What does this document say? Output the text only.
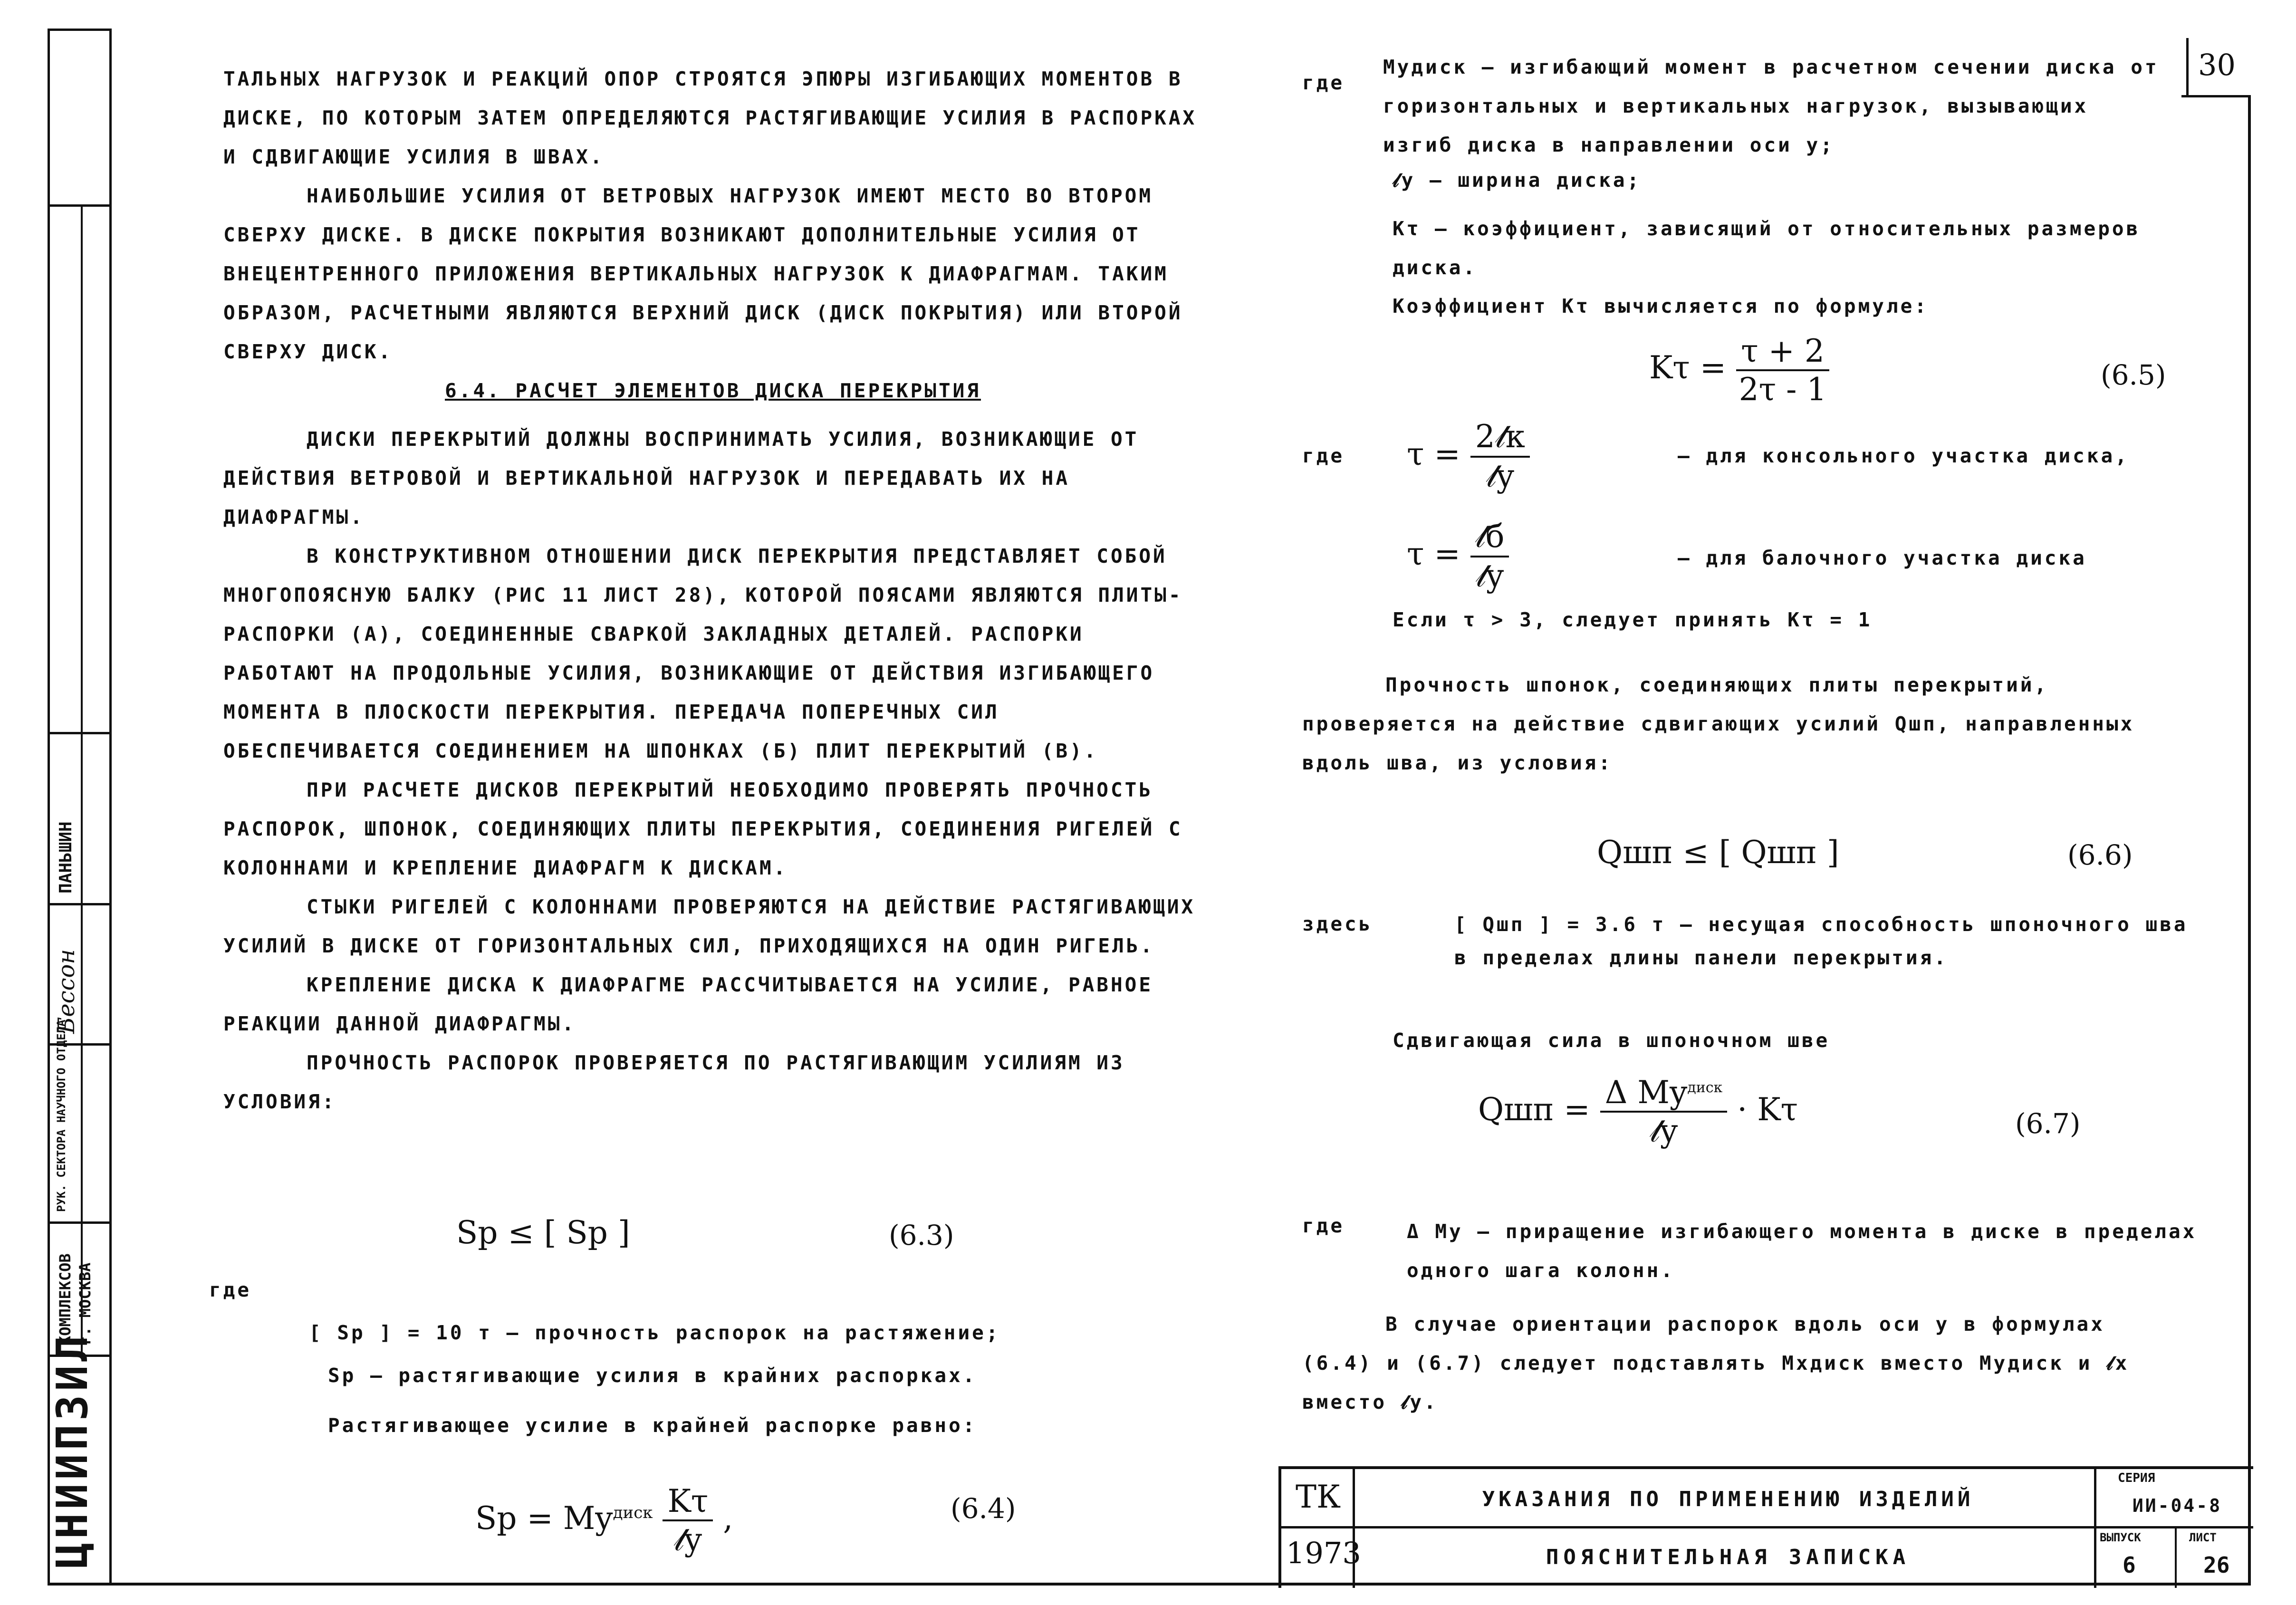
30
ПАНЬШИН
Бессон
РУК. СЕКТОРА НАУЧНОГО ОТДЕЛА
КОМПЛЕКСОВ г. МОСКВА
ЦНИИПЗИЛ

ТАЛЬНЫХ НАГРУЗОК И РЕАКЦИЙ ОПОР СТРОЯТСЯ ЭПЮРЫ ИЗГИБАЮЩИХ МОМЕНТОВ В ДИСКЕ, ПО КОТОРЫМ ЗАТЕМ ОПРЕДЕЛЯЮТСЯ РАСТЯГИВАЮЩИЕ УСИЛИЯ В РАСПОРКАХ И СДВИГАЮЩИЕ УСИЛИЯ В ШВАХ.

НАИБОЛЬШИЕ УСИЛИЯ ОТ ВЕТРОВЫХ НАГРУЗОК ИМЕЮТ МЕСТО ВО ВТОРОМ СВЕРХУ ДИСКЕ. В ДИСКЕ ПОКРЫТИЯ ВОЗНИКАЮТ ДОПОЛНИТЕЛЬНЫЕ УСИЛИЯ ОТ ВНЕЦЕНТРЕННОГО ПРИЛОЖЕНИЯ ВЕРТИКАЛЬНЫХ НАГРУЗОК К ДИАФРАГМАМ. ТАКИМ ОБРАЗОМ, РАСЧЕТНЫМИ ЯВЛЯЮТСЯ ВЕРХНИЙ ДИСК (ДИСК ПОКРЫТИЯ) ИЛИ ВТОРОЙ СВЕРХУ ДИСК.

6.4. РАСЧЕТ ЭЛЕМЕНТОВ ДИСКА ПЕРЕКРЫТИЯ

ДИСКИ ПЕРЕКРЫТИЙ ДОЛЖНЫ ВОСПРИНИМАТЬ УСИЛИЯ, ВОЗНИКАЮЩИЕ ОТ ДЕЙСТВИЯ ВЕТРОВОЙ И ВЕРТИКАЛЬНОЙ НАГРУЗОК И ПЕРЕДАВАТЬ ИХ НА ДИАФРАГМЫ.

В КОНСТРУКТИВНОМ ОТНОШЕНИИ ДИСК ПЕРЕКРЫТИЯ ПРЕДСТАВЛЯЕТ СОБОЙ МНОГОПОЯСНУЮ БАЛКУ (РИС 11 ЛИСТ 28), КОТОРОЙ ПОЯСАМИ ЯВЛЯЮТСЯ ПЛИТЫ-РАСПОРКИ (А), СОЕДИНЕННЫЕ СВАРКОЙ ЗАКЛАДНЫХ ДЕТАЛЕЙ. РАСПОРКИ РАБОТАЮТ НА ПРОДОЛЬНЫЕ УСИЛИЯ, ВОЗНИКАЮЩИЕ ОТ ДЕЙСТВИЯ ИЗГИБАЮЩЕГО МОМЕНТА В ПЛОСКОСТИ ПЕРЕКРЫТИЯ. ПЕРЕДАЧА ПОПЕРЕЧНЫХ СИЛ ОБЕСПЕЧИВАЕТСЯ СОЕДИНЕНИЕМ НА ШПОНКАХ (Б) ПЛИТ ПЕРЕКРЫТИЙ (В).

ПРИ РАСЧЕТЕ ДИСКОВ ПЕРЕКРЫТИЙ НЕОБХОДИМО ПРОВЕРЯТЬ ПРОЧНОСТЬ РАСПОРОК, ШПОНОК, СОЕДИНЯЮЩИХ ПЛИТЫ ПЕРЕКРЫТИЯ, СОЕДИНЕНИЯ РИГЕЛЕЙ С КОЛОННАМИ И КРЕПЛЕНИЕ ДИАФРАГМ К ДИСКАМ.

СТЫКИ РИГЕЛЕЙ С КОЛОННАМИ ПРОВЕРЯЮТСЯ НА ДЕЙСТВИЕ РАСТЯГИВАЮЩИХ УСИЛИЙ В ДИСКЕ ОТ ГОРИЗОНТАЛЬНЫХ СИЛ, ПРИХОДЯЩИХСЯ НА ОДИН РИГЕЛЬ.

КРЕПЛЕНИЕ ДИСКА К ДИАФРАГМЕ РАССЧИТЫВАЕТСЯ НА УСИЛИЕ, РАВНОЕ РЕАКЦИИ ДАННОЙ ДИАФРАГМЫ.

ПРОЧНОСТЬ РАСПОРОК ПРОВЕРЯЕТСЯ ПО РАСТЯГИВАЮЩИМ УСИЛИЯМ ИЗ УСЛОВИЯ:

Sр ≤ [ Sр ]	(6.3)
где
[ Sр ] = 10 т — прочность распорок на растяжение;
Sр — растягивающие усилия в крайних распорках.
Растягивающее усилие в крайней распорке равно:
Sр = $My^{диск} \frac{K\tau}{\text{𝓁y}}$ ,	(6.4)
где
Myдиск — изгибающий момент в расчетном сечении диска от горизонтальных и вертикальных нагрузок, вызывающих изгиб диска в направлении оси y;
𝓁y — ширина диска;
Kτ — коэффициент, зависящий от относительных размеров диска.
Коэффициент Kτ вычисляется по формуле:
$K\tau = \frac{\tau + 2}{2\tau - 1}$	(6.5)
где $\tau = \frac{\text{2𝓁к}}{\text{𝓁y}}$	— для консольного участка диска,
$\tau = \frac{\text{𝓁б}}{\text{𝓁y}}$	— для балочного участка диска
Если τ > 3, следует принять Kτ = 1
Прочность шпонок, соединяющих плиты перекрытий, проверяется на действие сдвигающих усилий Qшп, направленных вдоль шва, из условия:
Qшп ≤ [ Qшп ]	(6.6)
здесь	[ Qшп ] = 3.6 т — несущая способность шпоночного шва в пределах длины панели перекрытия.
Сдвигающая сила в шпоночном шве
Qшп = $\frac{\Delta My^{диск}}{\text{𝓁y}} \cdot K\tau$	(6.7)
где	Δ My — приращение изгибающего момента в диске в пределах одного шага колонн.
В случае ориентации распорок вдоль оси y в формулах (6.4) и (6.7) следует подставлять Mxдиск вместо Myдиск и 𝓁x вместо 𝓁y.
ТК
1973
УКАЗАНИЯ ПО ПРИМЕНЕНИЮ ИЗДЕЛИЙ
ПОЯСНИТЕЛЬНАЯ ЗАПИСКА
СЕРИЯ
ИИ-04-8
ВЫПУСК
6
ЛИСТ
26
